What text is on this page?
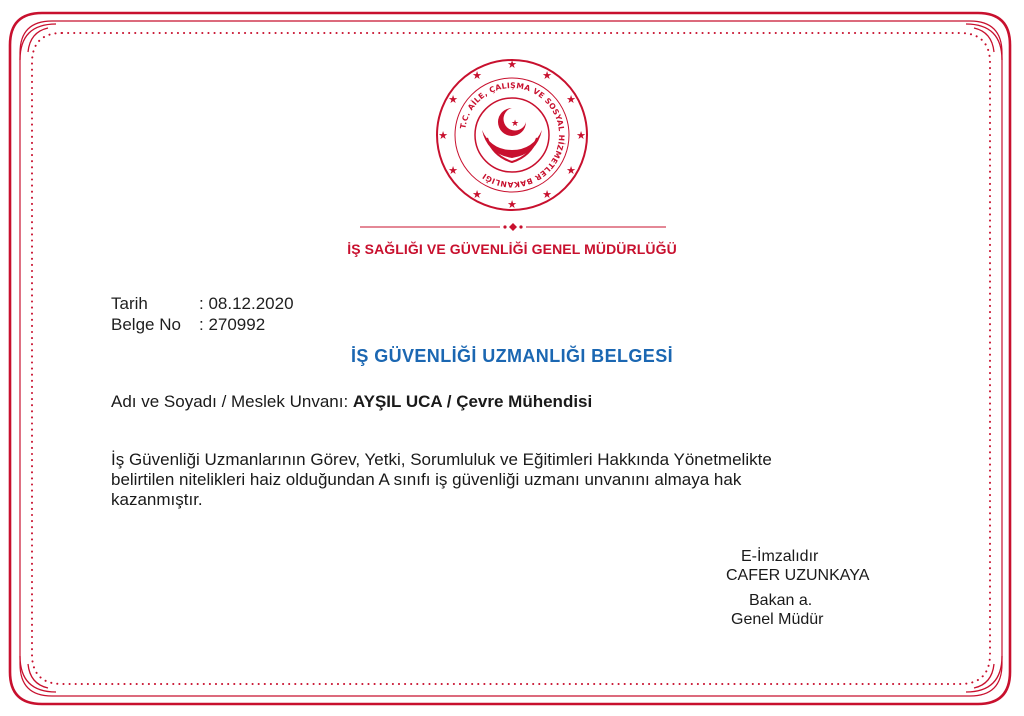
★
★
★
★
★
★
★
★
★
★
★
★
T.C. AİLE, ÇALIŞMA VE SOSYAL HİZMETLER BAKANLIĞI
★
İŞ SAĞLIĞI VE GÜVENLİĞİ GENEL MÜDÜRLÜĞÜ
Tarih	: 08.12.2020
Belge No : 270992
İŞ GÜVENLİĞİ UZMANLIĞI BELGESİ
Adı ve Soyadı / Meslek Unvanı: AYŞIL UCA / Çevre Mühendisi
İş Güvenliği Uzmanlarının Görev, Yetki, Sorumluluk ve Eğitimleri Hakkında Yönetmelikte
belirtilen nitelikleri haiz olduğundan A sınıfı iş güvenliği uzmanı unvanını almaya hak
kazanmıştır.
E-İmzalıdır
CAFER UZUNKAYA
Bakan a.
Genel Müdür
